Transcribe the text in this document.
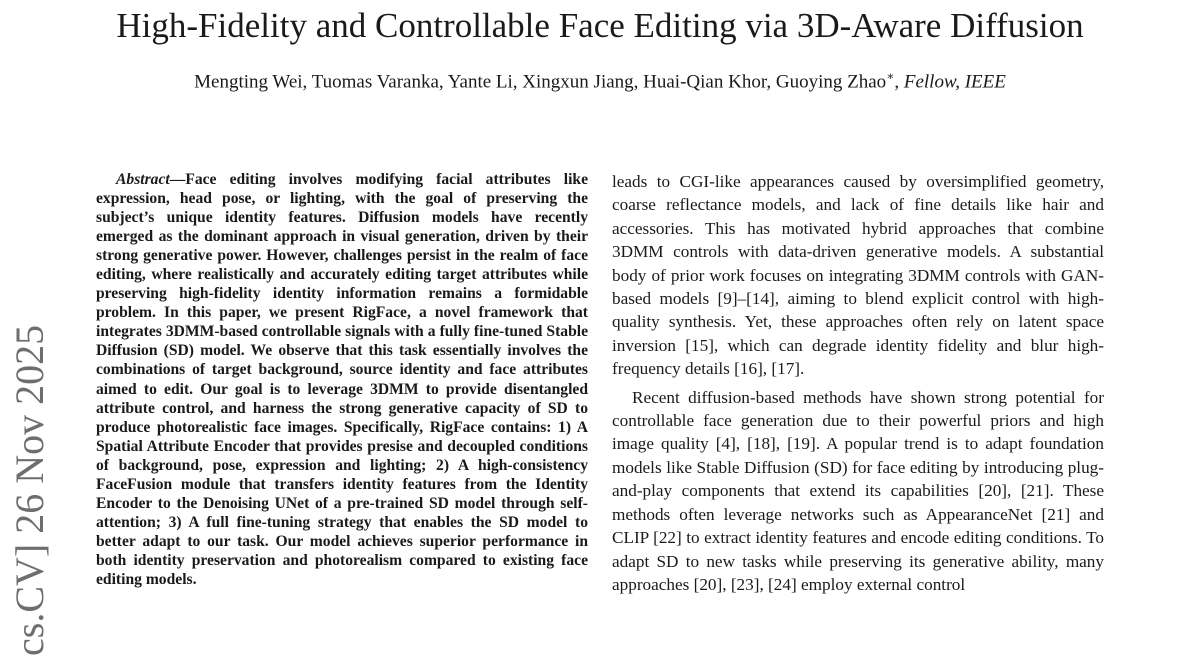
High-Fidelity and Controllable Face Editing via 3D-Aware Diffusion
Mengting Wei, Tuomas Varanka, Yante Li, Xingxun Jiang, Huai-Qian Khor, Guoying Zhao∗, Fellow, IEEE
cs.CV] 26 Nov 2025
Abstract—Face editing involves modifying facial attributes like expression, head pose, or lighting, with the goal of preserving the subject’s unique identity features. Diffusion models have recently emerged as the dominant approach in visual generation, driven by their strong generative power. However, challenges persist in the realm of face editing, where realistically and accurately editing target attributes while preserving high-fidelity identity information remains a formidable problem. In this paper, we present RigFace, a novel framework that integrates 3DMM-based controllable signals with a fully fine-tuned Stable Diffusion (SD) model. We observe that this task essentially involves the combinations of target background, source identity and face attributes aimed to edit. Our goal is to leverage 3DMM to provide disentangled attribute control, and harness the strong generative capacity of SD to produce photorealistic face images. Specifically, RigFace contains: 1) A Spatial Attribute Encoder that provides presise and decoupled conditions of background, pose, expression and lighting; 2) A high-consistency FaceFusion module that transfers identity features from the Identity Encoder to the Denoising UNet of a pre-trained SD model through self-attention; 3) A full fine-tuning strategy that enables the SD model to better adapt to our task. Our model achieves superior performance in both identity preservation and photorealism compared to existing face editing models.

leads to CGI-like appearances caused by oversimplified geometry, coarse reflectance models, and lack of fine details like hair and accessories. This has motivated hybrid approaches that combine 3DMM controls with data-driven generative models. A substantial body of prior work focuses on integrating 3DMM controls with GAN-based models [9]–[14], aiming to blend explicit control with high-quality synthesis. Yet, these approaches often rely on latent space inversion [15], which can degrade identity fidelity and blur high-frequency details [16], [17].

Recent diffusion-based methods have shown strong potential for controllable face generation due to their powerful priors and high image quality [4], [18], [19]. A popular trend is to adapt foundation models like Stable Diffusion (SD) for face editing by introducing plug-and-play components that extend its capabilities [20], [21]. These methods often leverage networks such as AppearanceNet [21] and CLIP [22] to extract identity features and encode editing conditions. To adapt SD to new tasks while preserving its generative ability, many approaches [20], [23], [24] employ external control
